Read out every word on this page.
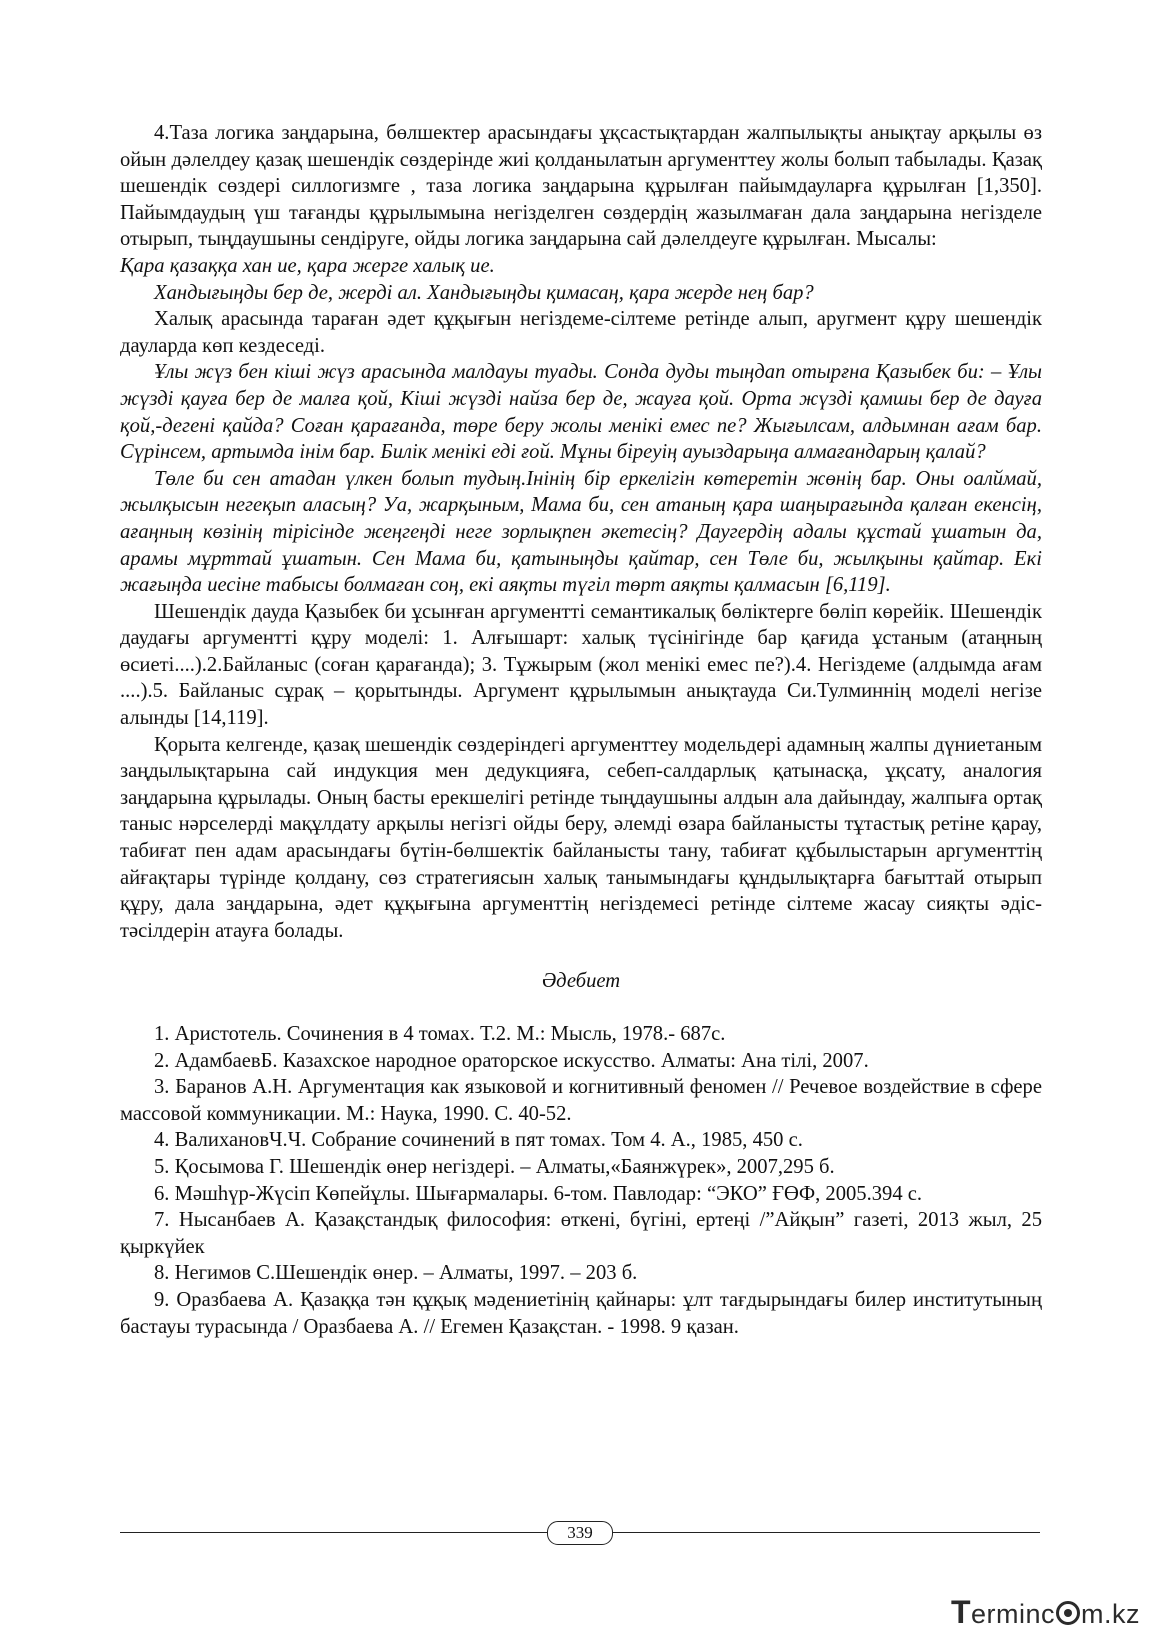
4.Таза логика заңдарына, бөлшектер арасындағы ұқсастықтардан жалпылықты анықтау арқылы өз ойын дәлелдеу қазақ шешендік сөздерінде жиі қолданылатын аргументтеу жолы болып табылады. Қазақ шешендік сөздері силлогизмге , таза логика заңдарына құрылған пайымдауларға құрылған [1,350]. Пайымдаудың үш тағанды құрылымына негізделген сөздердің жазылмаған дала заңдарына негізделе отырып, тыңдаушыны сендіруге, ойды логика заңдарына сай дәлелдеуге құрылған. Мысалы:

Қара қазаққа хан ие, қара жерге халық ие.

Хандығыңды бер де, жерді ал. Хандығыңды қимасаң, қара жерде нең бар?

Халық арасында тараған әдет құқығын негіздеме-сілтеме ретінде алып, аругмент құру шешендік дауларда көп кездеседі.

Ұлы жүз бен кіші жүз арасында малдауы туады. Сонда дуды тыңдап отырғна Қазыбек би: – Ұлы жүзді қауға бер де малға қой, Кіші жүзді найза бер де, жауға қой. Орта жүзді қамшы бер де дауға қой,-дегені қайда? Соған қарағанда, төре беру жолы менікі емес пе? Жығылсам, алдымнан ағам бар. Сүрінсем, артымда інім бар. Билік менікі еді ғой. Мұны біреуің ауыздарыңа алмағандарың қалай?

Төле би сен атадан үлкен болып тудың.Інінің бір еркелігін көтеретін жөнің бар. Оны оалймай, жылқысын негеқып аласың? Уа, жарқыным, Мама би, сен атаның қара шаңырағында қалған екенсің, ағаңның көзінің тірісінде жеңгеңді неге зорлықпен әкетесің? Даугердің адалы құстай ұшатын да, арамы мұрттай ұшатын. Сен Мама би, қатыныңды қайтар, сен Төле би, жылқыны қайтар. Екі жағыңда иесіне табысы болмаған соң, екі аяқты түгіл төрт аяқты қалмасын [6,119].

Шешендік дауда Қазыбек би ұсынған аргументті семантикалық бөліктерге бөліп көрейік. Шешендік даудағы аргументті құру моделі: 1. Алғышарт: халық түсінігінде бар қағида ұстаным (атаңның өсиеті....).2.Байланыс (соған қарағанда); 3. Тұжырым (жол менікі емес пе?).4. Негіздеме (алдымда ағам ....).5. Байланыс сұрақ – қорытынды. Аргумент құрылымын анықтауда Си.Тулминнің моделі негізе алынды [14,119].

Қорыта келгенде, қазақ шешендік сөздеріндегі аргументтеу модельдері адамның жалпы дүниетаным заңдылықтарына сай индукция мен дедукцияға, себеп-салдарлық қатынасқа, ұқсату, аналогия заңдарына құрылады. Оның басты ерекшелігі ретінде тыңдаушыны алдын ала дайындау, жалпыға ортақ таныс нәрселерді мақұлдату арқылы негізгі ойды беру, әлемді өзара байланысты тұтастық ретіне қарау, табиғат пен адам арасындағы бүтін-бөлшектік байланысты тану, табиғат құбылыстарын аргументтің айғақтары түрінде қолдану, сөз стратегиясын халық танымындағы құндылықтарға бағыттай отырып құру, дала заңдарына, әдет құқығына аргументтің негіздемесі ретінде сілтеме жасау сияқты әдіс-тәсілдерін атауға болады.

Әдебиет

1. Аристотель. Сочинения в 4 томах. Т.2. М.: Мысль, 1978.- 687с.

2. АдамбаевБ. Казахское народное ораторское искусство. Алматы: Ана тілі, 2007.

3. Баранов А.Н. Аргументация как языковой и когнитивный феномен // Речевое воздействие в сфере массовой коммуникации. М.: Наука, 1990. С. 40-52.

4. ВалихановЧ.Ч. Собрание сочинений в пят томах. Том 4. А., 1985, 450 с.

5. Қосымова Г. Шешендік өнер негіздері. – Алматы,«Баянжүрек», 2007,295 б.

6. Мәшһүр-Жүсіп Көпейұлы. Шығармалары. 6-том. Павлодар: “ЭКО” ҒӨФ, 2005.394 с.

7. Нысанбаев А. Қазақстандық философия: өткені, бүгіні, ертеңі /”Айқын” газеті, 2013 жыл, 25 қыркүйек

8. Негимов С.Шешендік өнер. – Алматы, 1997. – 203 б.

9. Оразбаева А. Қазаққа тән құқық мәдениетінің қайнары: ұлт тағдырындағы билер институтының бастауы турасында / Оразбаева А. // Егемен Қазақстан. - 1998. 9 қазан.

339
Terminc m.kz
